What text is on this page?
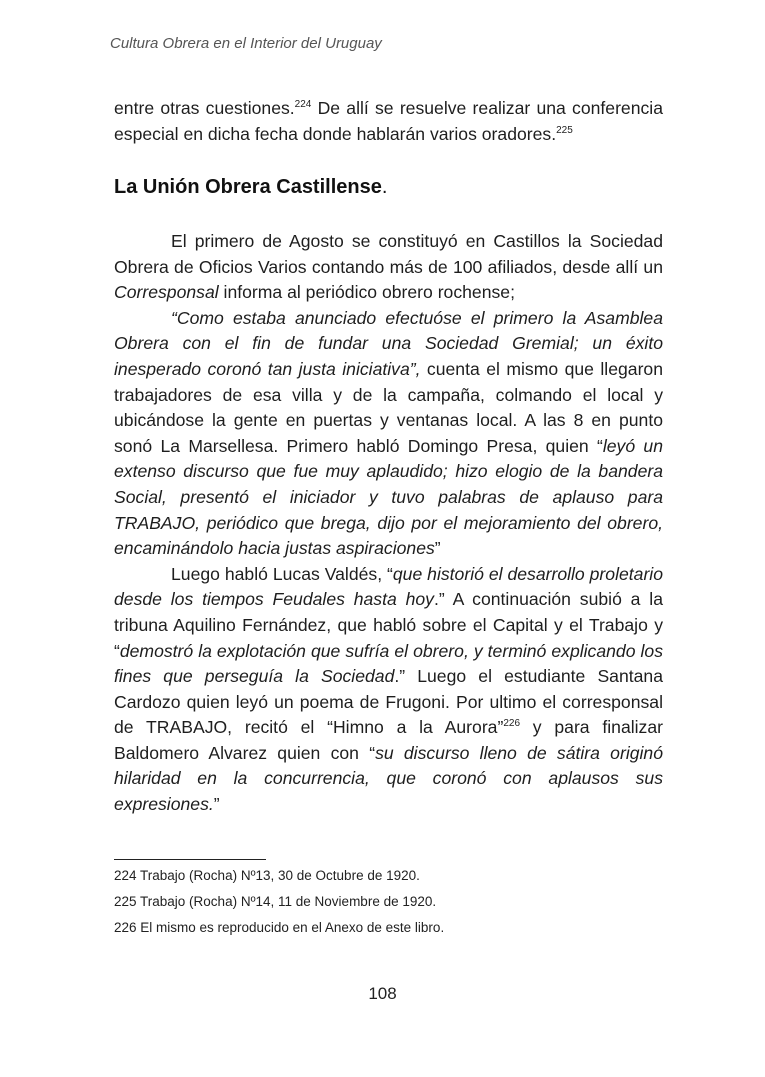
Cultura Obrera en el Interior del Uruguay

entre otras cuestiones.$^{224}$ De allí se resuelve realizar una conferencia especial en dicha fecha donde hablarán varios oradores.$^{225}$

La Unión Obrera Castillense.

El primero de Agosto se constituyó en Castillos la Sociedad Obrera de Oficios Varios contando más de 100 afiliados, desde allí un Corresponsal informa al periódico obrero rochense;

“Como estaba anunciado efectuóse el primero la Asamblea Obrera con el fin de fundar una Sociedad Gremial; un éxito inesperado coronó tan justa iniciativa”, cuenta el mismo que llegaron trabajadores de esa villa y de la campaña, colmando el local y ubicándose la gente en puertas y ventanas local. A las 8 en punto sonó La Marsellesa. Primero habló Domingo Presa, quien “leyó un extenso discurso que fue muy aplaudido; hizo elogio de la bandera Social, presentó el iniciador y tuvo palabras de aplauso para TRABAJO, periódico que brega, dijo por el mejoramiento del obrero, encaminándolo hacia justas aspiraciones”

Luego habló Lucas Valdés, “que historió el desarrollo proletario desde los tiempos Feudales hasta hoy.” A continuación subió a la tribuna Aquilino Fernández, que habló sobre el Capital y el Trabajo y “demostró la explotación que sufría el obrero, y terminó explicando los fines que perseguía la Sociedad.” Luego el estudiante Santana Cardozo quien leyó un poema de Frugoni. Por ultimo el corresponsal de TRABAJO, recitó el “Himno a la Aurora”$^{226}$ y para finalizar Baldomero Alvarez quien con “su discurso lleno de sátira originó hilaridad en la concurrencia, que coronó con aplausos sus expresiones.”

224 Trabajo (Rocha) Nº13, 30 de Octubre de 1920.
225 Trabajo (Rocha) Nº14, 11 de Noviembre de 1920.
226 El mismo es reproducido en el Anexo de este libro.
108
